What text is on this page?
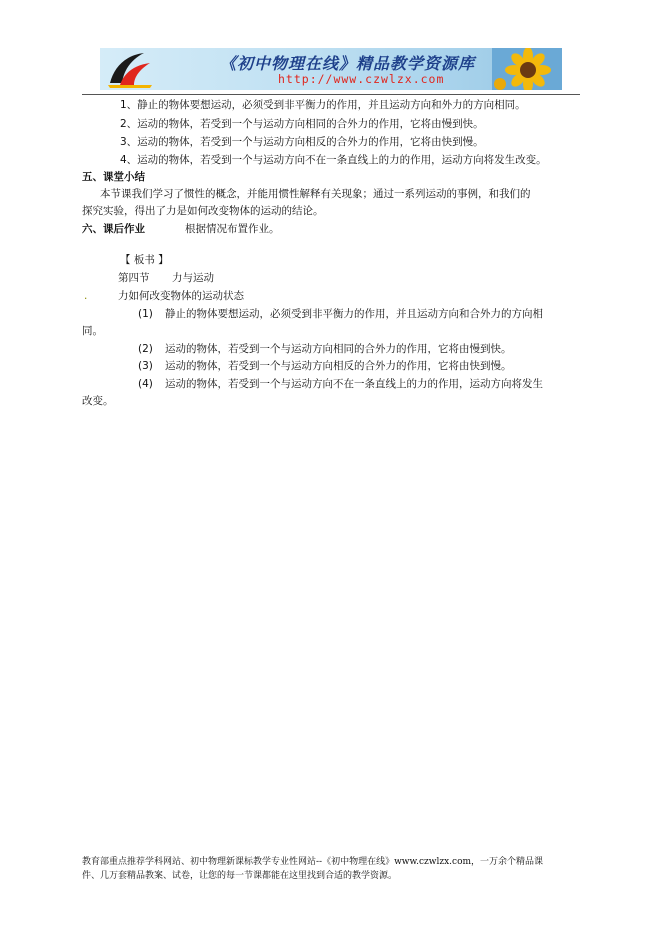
《初中物理在线》精品教学资源库
http://www.czwlzx.com
1、静止的物体要想运动，必须受到非平衡力的作用，并且运动方向和外力的方向相同。
2、运动的物体，若受到一个与运动方向相同的合外力的作用，它将由慢到快。
3、运动的物体，若受到一个与运动方向相反的合外力的作用，它将由快到慢。
4、运动的物体，若受到一个与运动方向不在一条直线上的力的作用，运动方向将发生改变。
五、课堂小结
本节课我们学习了惯性的概念，并能用惯性解释有关现象；通过一系列运动的事例，和我们的
探究实验，得出了力是如何改变物体的运动的结论。
六、课后作业	根据情况布置作业。
【 板书 】
第四节 力与运动
.	力如何改变物体的运动状态
(1) 静止的物体要想运动，必须受到非平衡力的作用，并且运动方向和合外力的方向相
同。
(2) 运动的物体，若受到一个与运动方向相同的合外力的作用，它将由慢到快。
(3) 运动的物体，若受到一个与运动方向相反的合外力的作用，它将由快到慢。
(4) 运动的物体，若受到一个与运动方向不在一条直线上的力的作用，运动方向将发生
改变。
教育部重点推荐学科网站、初中物理新课标教学专业性网站--《初中物理在线》www.czwlzx.com，一万余个精品课
件、几万套精品教案、试卷，让您的每一节课都能在这里找到合适的教学资源。
